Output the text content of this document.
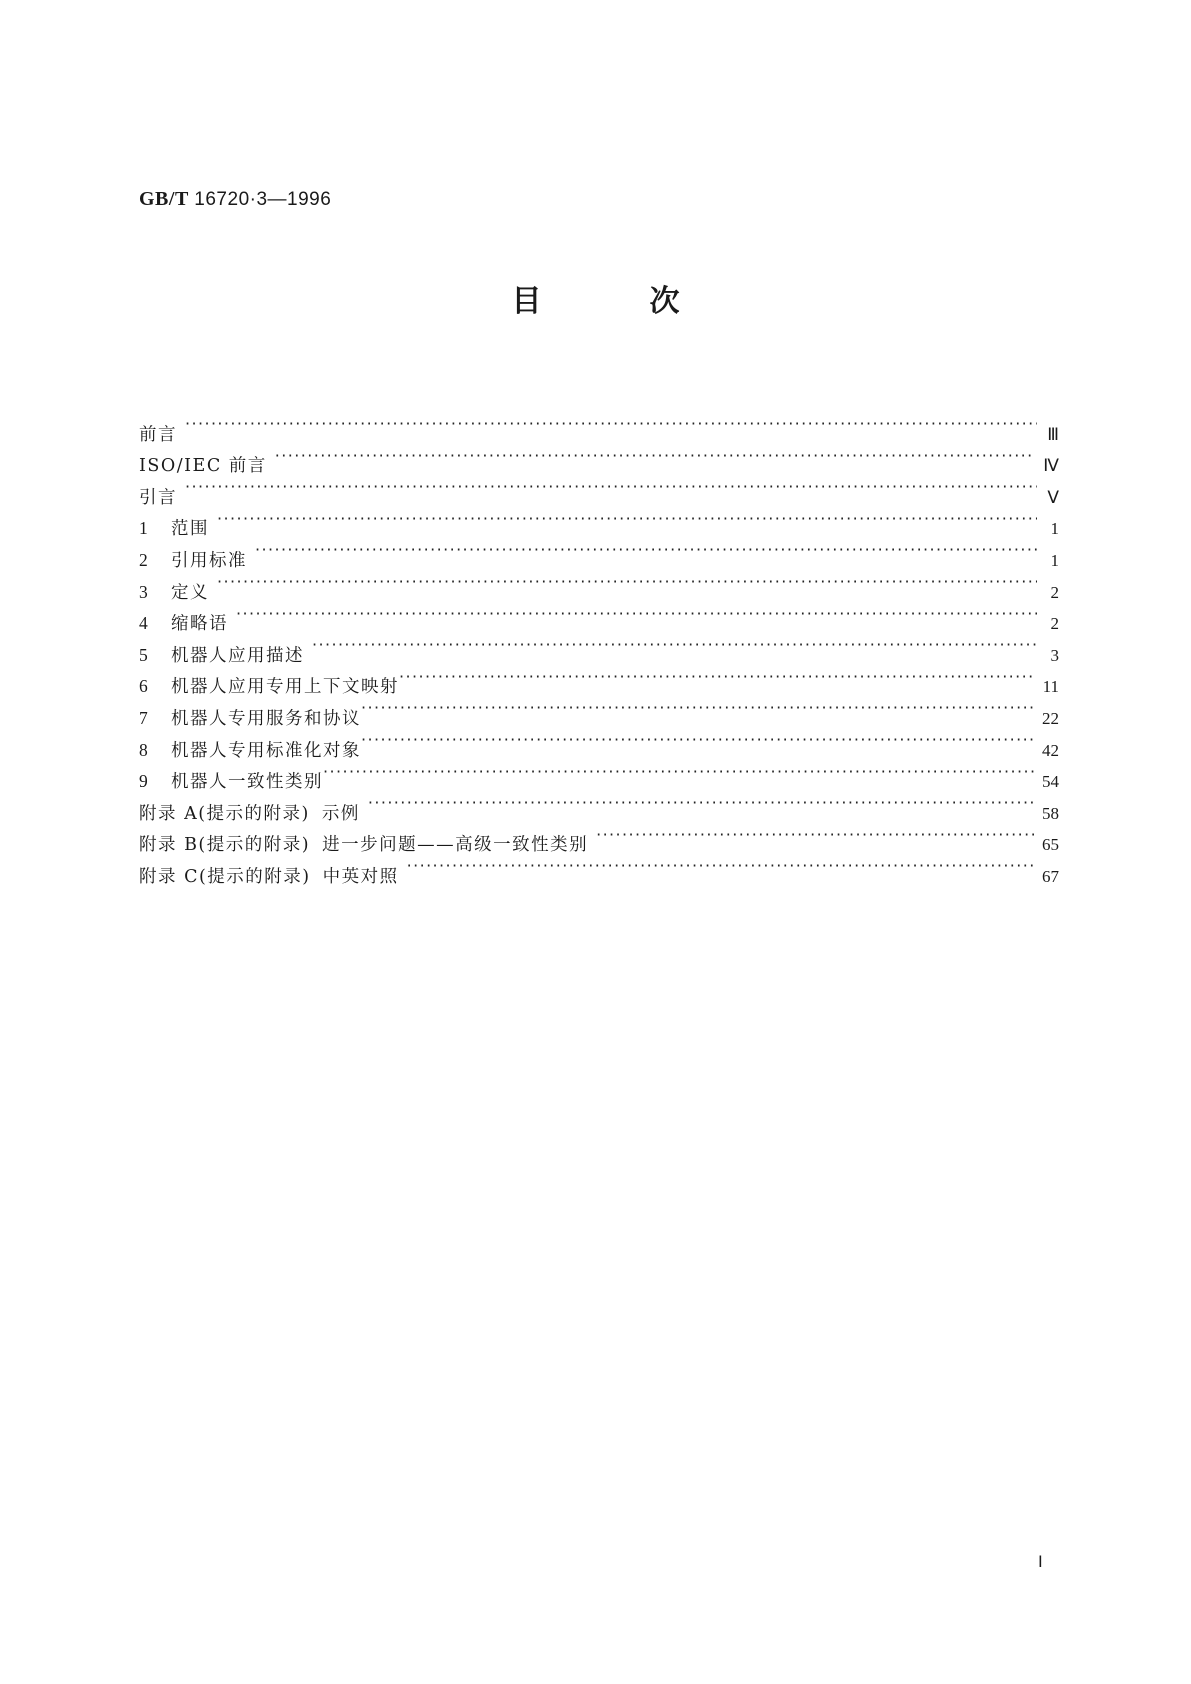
GB/T 16720·3—1996
目	次
前言 ·····	Ⅲ
ISO/IEC 前言 ·····	Ⅳ
引言 ·····	Ⅴ
1	范围 ·····	1
2	引用标准 ·····	1
3	定义 ·····	2
4	缩略语 ·····	2
5	机器人应用描述 ·····	3
6	机器人应用专用上下文映射 ·····	11
7	机器人专用服务和协议 ·····	22
8	机器人专用标准化对象 ·····	42
9	机器人一致性类别 ·····	54
附录 A(提示的附录) 示例 ·····	58
附录 B(提示的附录) 进一步问题——高级一致性类别 ·····	65
附录 C(提示的附录) 中英对照 ·····	67
Ⅰ
